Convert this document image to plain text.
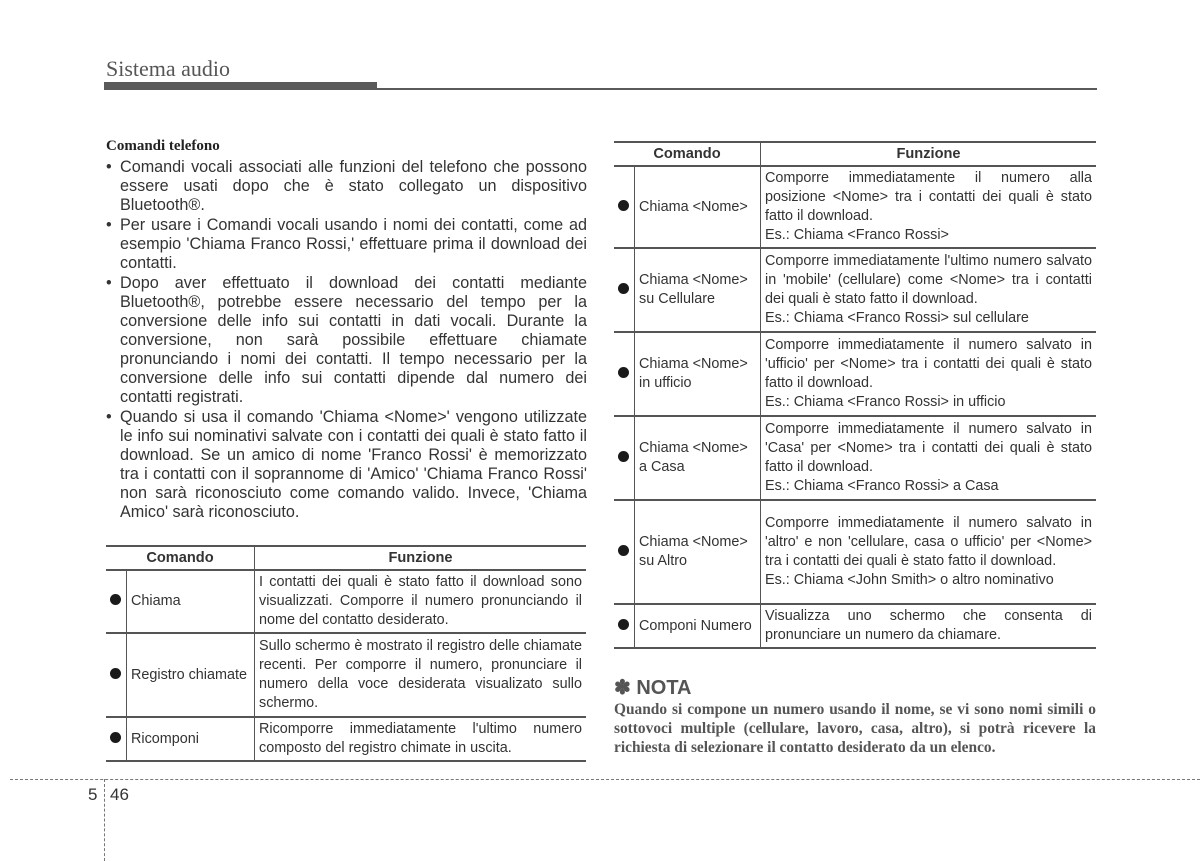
Sistema audio
Comandi telefono
• Comandi vocali associati alle funzioni del telefono che possono essere usati dopo che è stato collegato un dispositivo Bluetooth®.
• Per usare i Comandi vocali usando i nomi dei contatti, come ad esempio 'Chiama Franco Rossi,' effettuare prima il download dei contatti.
• Dopo aver effettuato il download dei contatti mediante Bluetooth®, potrebbe essere necessario del tempo per la conversione delle info sui contatti in dati vocali. Durante la conversione, non sarà possibile effettuare chiamate pronunciando i nomi dei contatti. Il tempo necessario per la conversione delle info sui contatti dipende dal numero dei contatti registrati.
• Quando si usa il comando 'Chiama <Nome>' vengono utilizzate le info sui nominativi salvate con i contatti dei quali è stato fatto il download. Se un amico di nome 'Franco Rossi' è memorizzato tra i contatti con il soprannome di 'Amico' 'Chiama Franco Rossi' non sarà riconosciuto come comando valido. Invece, 'Chiama Amico' sarà riconosciuto.
Comando		Funzione
	Chiama	I contatti dei quali è stato fatto il download sono visualizzati. Comporre il numero pronunciando il nome del contatto desiderato.
	Registro chiamate	Sullo schermo è mostrato il registro delle chiamate recenti. Per comporre il numero, pronunciare il numero della voce desiderata visualizato sullo schermo.
	Ricomponi	Ricomporre immediatamente l'ultimo numero composto del registro chimate in uscita.
Comando		Funzione
	Chiama <Nome>	Comporre immediatamente il numero alla posizione <Nome> tra i contatti dei quali è stato fatto il download.
Es.: Chiama <Franco Rossi>
	Chiama <Nome> su Cellulare	Comporre immediatamente l'ultimo numero salvato in 'mobile' (cellulare) come <Nome> tra i contatti dei quali è stato fatto il download.
Es.: Chiama <Franco Rossi> sul cellulare
	Chiama <Nome> in ufficio	Comporre immediatamente il numero salvato in 'ufficio' per <Nome> tra i contatti dei quali è stato fatto il download.
Es.: Chiama <Franco Rossi> in ufficio
	Chiama <Nome> a Casa	Comporre immediatamente il numero salvato in 'Casa' per <Nome> tra i contatti dei quali è stato fatto il download.
Es.: Chiama <Franco Rossi> a Casa
	Chiama <Nome> su Altro	Comporre immediatamente il numero salvato in 'altro' e non 'cellulare, casa o ufficio' per <Nome> tra i contatti dei quali è stato fatto il download.
Es.: Chiama <John Smith> o altro nominativo
	Componi Numero	Visualizza uno schermo che consenta di pronunciare un numero da chiamare.
✽ NOTA
Quando si compone un numero usando il nome, se vi sono nomi simili o sottovoci multiple (cellulare, lavoro, casa, altro), si potrà ricevere la richiesta di selezionare il contatto desiderato da un elenco.
5 46
